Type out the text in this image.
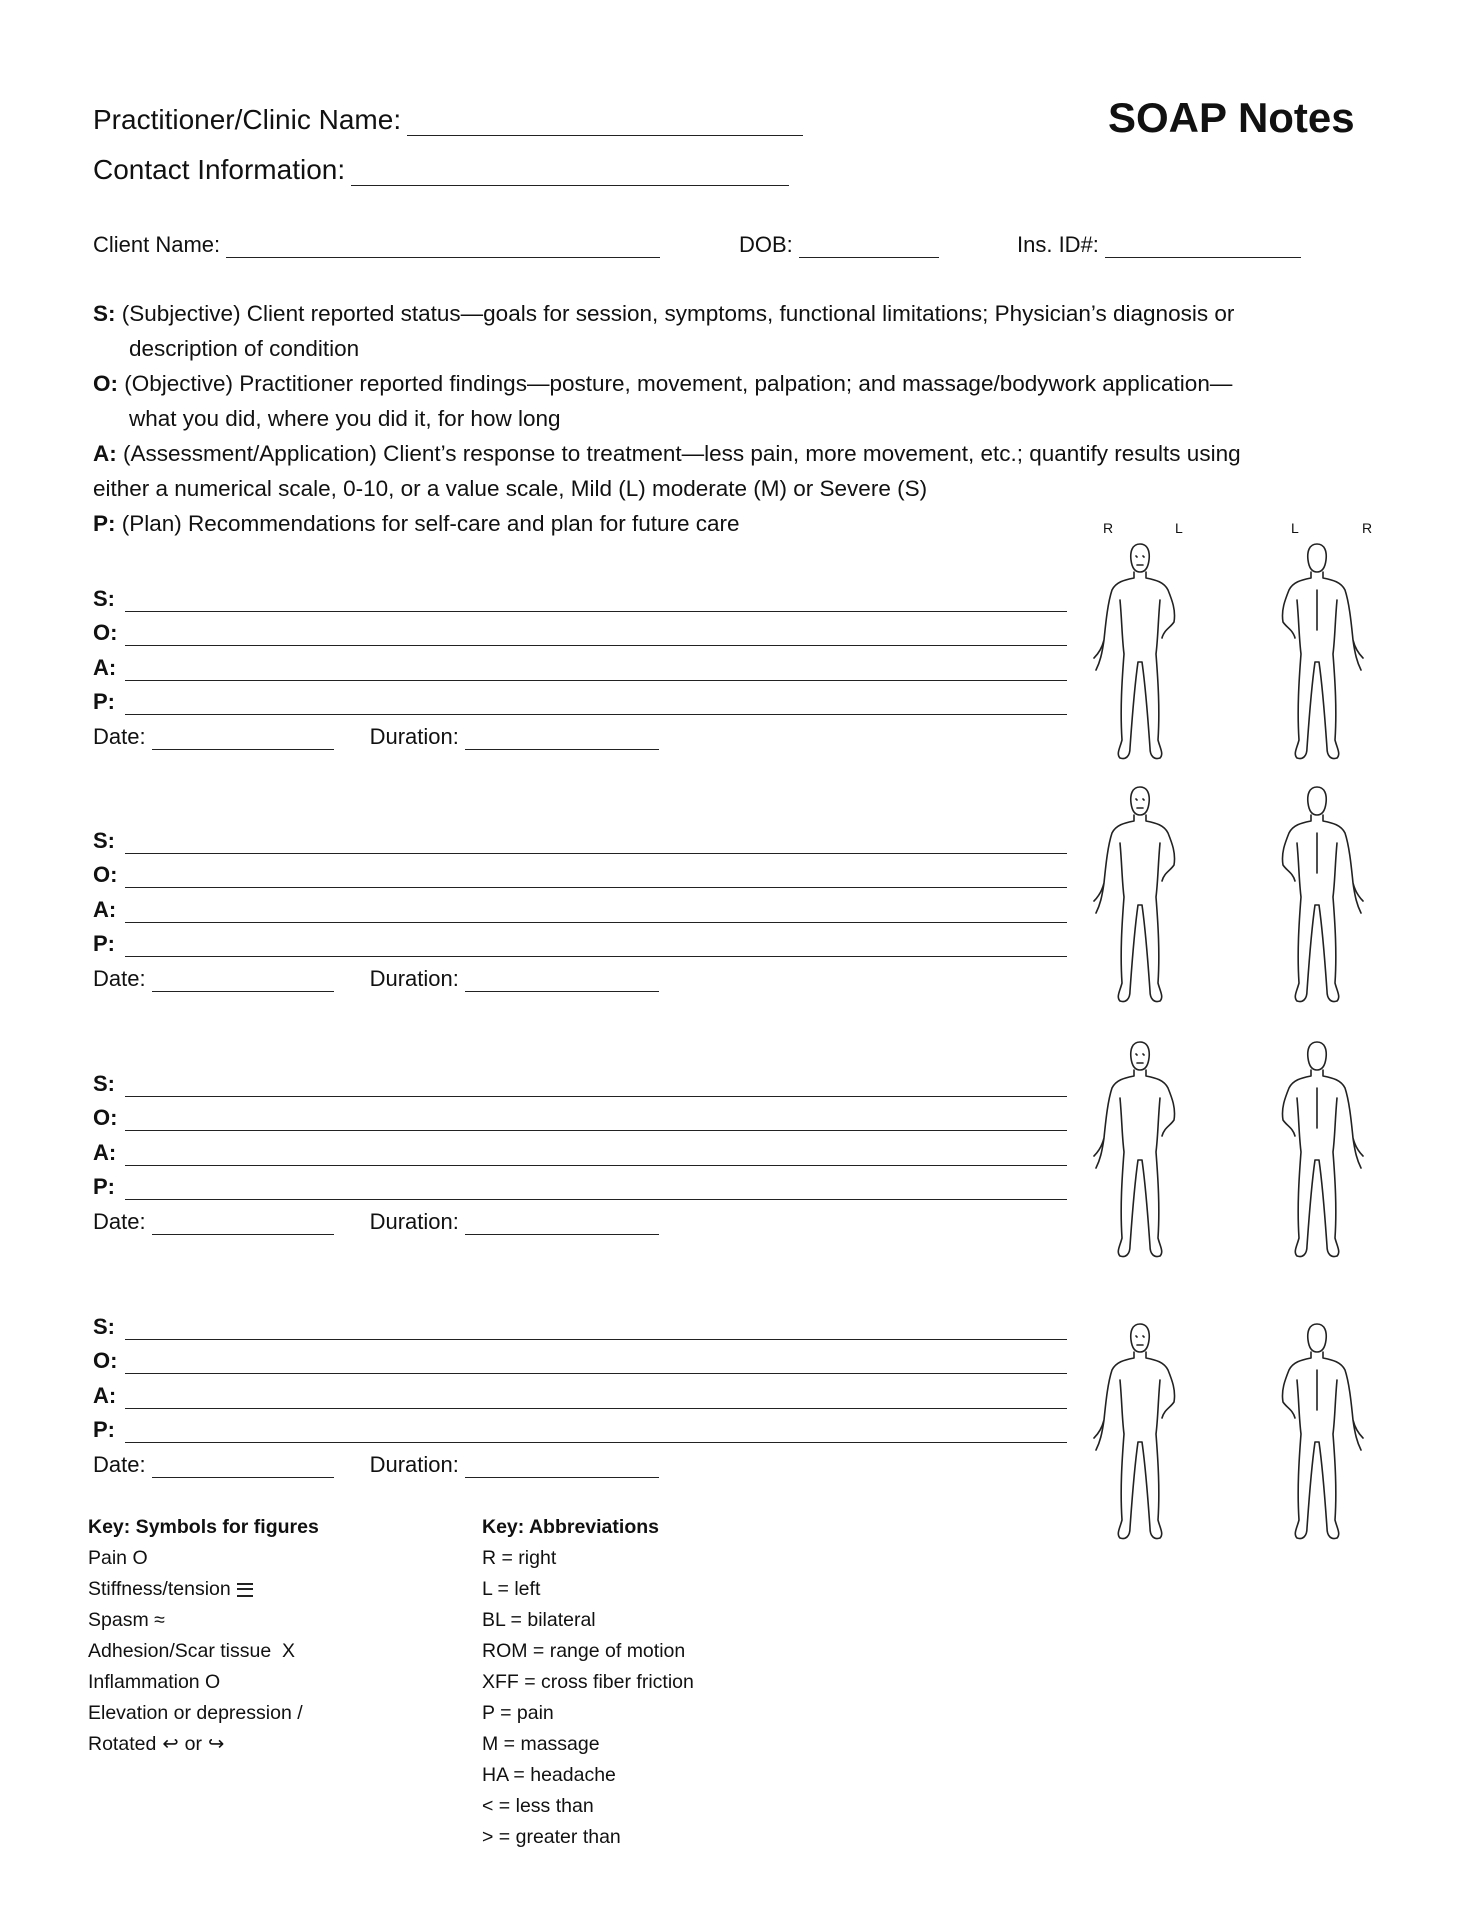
Practitioner/Clinic Name:	SOAP Notes
Contact Information:
Client Name:	DOB:	Ins. ID#:
S: (Subjective) Client reported status—goals for session, symptoms, functional limitations; Physician’s diagnosis or
description of condition
O: (Objective) Practitioner reported findings—posture, movement, palpation; and massage/bodywork application—
what you did, where you did it, for how long
A: (Assessment/Application) Client’s response to treatment—less pain, more movement, etc.; quantify results using
either a numerical scale, 0-10, or a value scale, Mild (L) moderate (M) or Severe (S)
P: (Plan) Recommendations for self-care and plan for future care	R	L	L	R
S:
O:
A:
P:
Date:	Duration:
S:
O:
A:
P:
Date:	Duration:
S:
O:
A:
P:
Date:	Duration:
S:
O:
A:
P:
Date:	Duration:
Key: Symbols for figures
Pain O
Stiffness/tension
Spasm ≈
Adhesion/Scar tissue  X
Inflammation O
Elevation or depression /
Rotated ↩ or ↪
Key: Abbreviations
R = right
L = left
BL = bilateral
ROM = range of motion
XFF = cross fiber friction
P = pain
M = massage
HA = headache
< = less than
> = greater than
